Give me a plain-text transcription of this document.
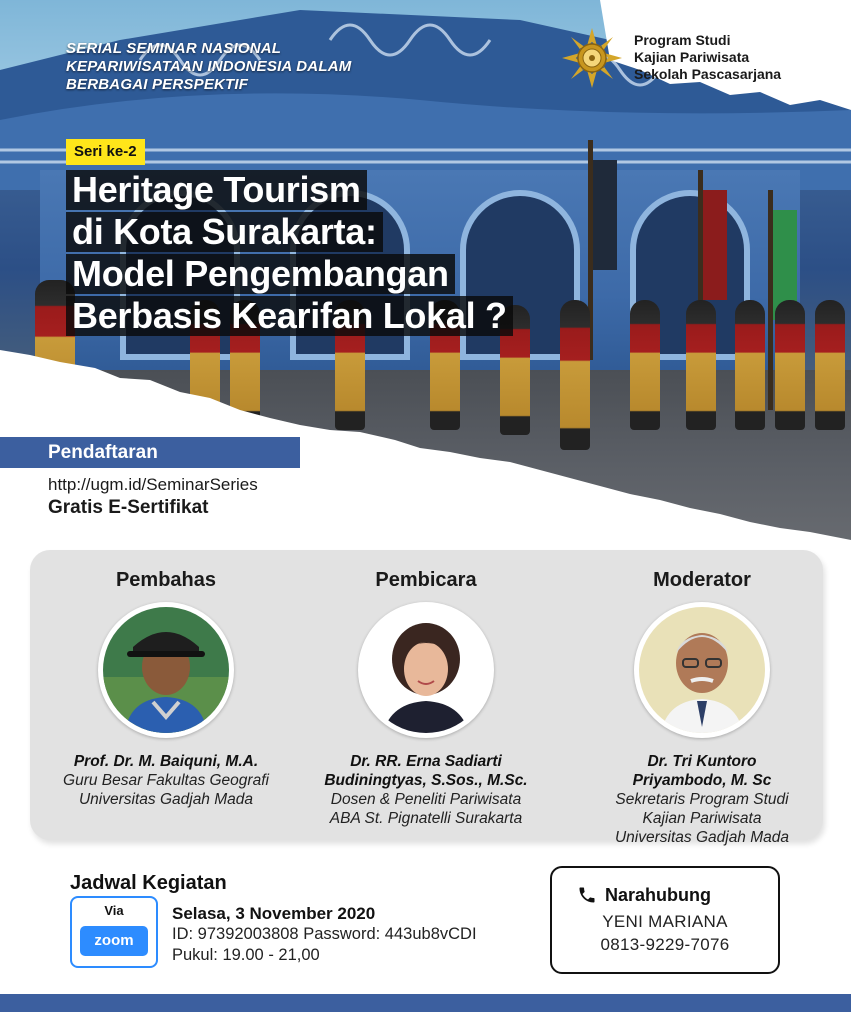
SERIAL SEMINAR NASIONAL
KEPARIWISATAAN INDONESIA DALAM
BERBAGAI PERSPEKTIF
Program Studi
Kajian Pariwisata
Sekolah Pascasarjana
Seri ke-2
Heritage Tourism
di Kota Surakarta:
Model Pengembangan
Berbasis Kearifan Lokal ?
Pendaftaran
http://ugm.id/SeminarSeries
Gratis E-Sertifikat
Pembahas
Prof. Dr. M. Baiquni, M.A.
Guru Besar Fakultas Geografi
Universitas Gadjah Mada
Pembicara
Dr. RR. Erna Sadiarti
Budiningtyas, S.Sos., M.Sc.
Dosen & Peneliti Pariwisata
ABA St. Pignatelli Surakarta
Moderator
Dr. Tri Kuntoro
Priyambodo, M. Sc
Sekretaris Program Studi
Kajian Pariwisata
Universitas Gadjah Mada
Jadwal Kegiatan
Via
zoom
Selasa, 3 November 2020
ID: 97392003808 Password: 443ub8vCDI
Pukul: 19.00 - 21,00
Narahubung
YENI MARIANA
0813-9229-7076
